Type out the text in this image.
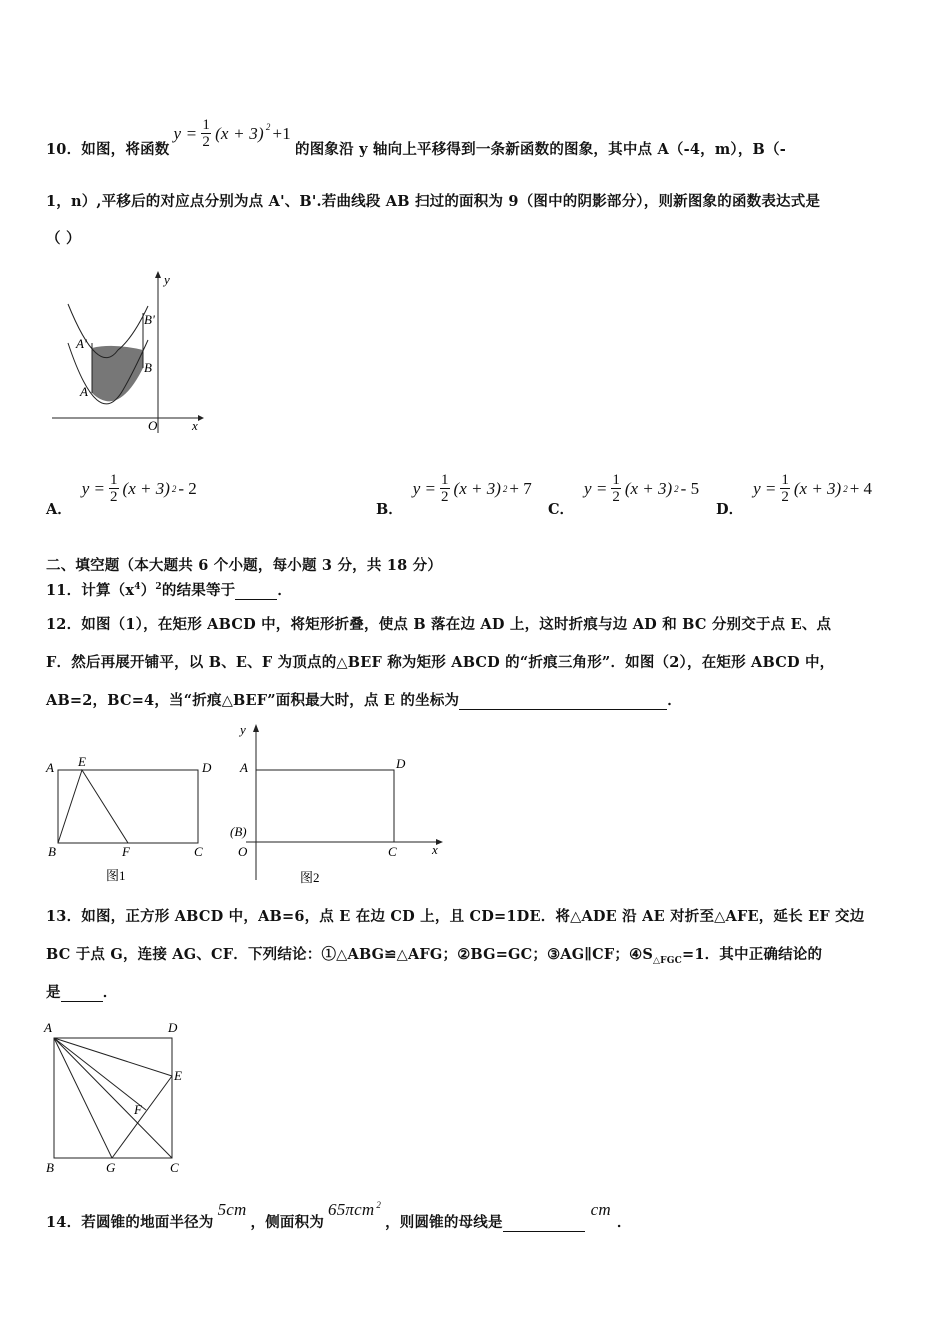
10．如图，将函数
$y = \frac{1}{2} (x + 3)^2 +1$
的图象沿 y 轴向上平移得到一条新函数的图象，其中点 A（-4，m），B（-
1，n）,平移后的对应点分别为点 A'、B'.若曲线段 AB 扫过的面积为 9（图中的阴影部分），则新图象的函数表达式是
（ ）
y
x
O
A
A'
B
B'
A．
$y = \frac{1}{2} (x + 3)$ 2 - 2	$y = \frac{1}{2} (x + 3) 2 + 7$
B．
$y = \frac{1}{2} (x + 3)$ 2 - 5
C．
$y = \frac{1}{2} (x + 3) 2 + 4$
D．
二、填空题（本大题共 6 个小题，每小题 3 分，共 18 分）
11．计算$(x^4)^2$的结果等于	．
12．如图（1），在矩形 ABCD 中，将矩形折叠，使点 B 落在边 AD 上，这时折痕与边 AD 和 BC 分别交于点 E、点
F．然后再展开铺平，以 B、E、F 为顶点的△BEF 称为矩形 ABCD 的“折痕三角形”．如图（2），在矩形 ABCD 中，
AB=2，BC=4，当“折痕△BEF”面积最大时，点 E 的坐标为	．
A E	D
B	F	C
图1
y
A	D
(B)
O	C	x
图2
13．如图，正方形 ABCD 中，AB=6，点 E 在边 CD 上，且 CD=1DE．将△ADE 沿 AE 对折至△AFE，延长 EF 交边
BC 于点 G，连接 AG、CF．下列结论：①△ABG≌△AFG；②BG=GC；③AG∥CF；$④S_{\triangle FGC}=1$．其中正确结论的
是	．
A	D
E
F
B	G	C
14．若圆锥的地面半径为
5cm
，侧面积为
65πcm$^2$
，则圆锥的母线是
cm
．
